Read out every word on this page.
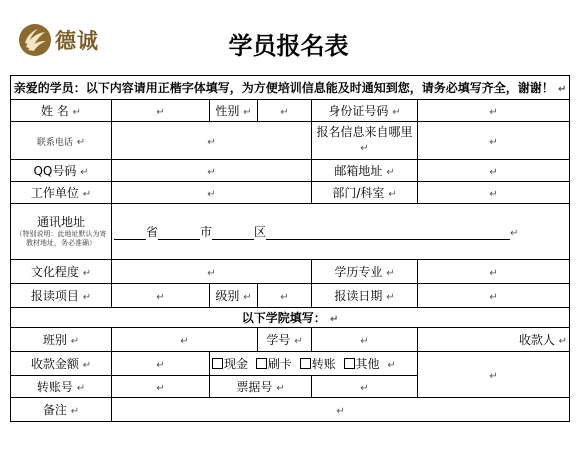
德诚	学员报名表
亲爱的学员：以下内容请用正楷字体填写，为方便培训信息能及时通知到您，请务必填写齐全，谢谢！ ↵					
姓 名 ↵	↵	性别 ↵	↵	身份证号码 ↵	↵
联系电话 ↵	↵			报名信息来自哪里 ↵	↵
QQ号码 ↵	↵			邮箱地址 ↵	↵
工作单位 ↵	↵			部门/科室 ↵	↵

通讯地址
（特别说明：此地址默认为寄教材地址，务必准确）	省 市 区 ↵				
文化程度 ↵	↵			学历专业 ↵	↵
报读项目 ↵	↵	级别 ↵	↵	报读日期 ↵	↵
以下学院填写： ↵					
班别 ↵	↵		学号 ↵	↵	收款人 ↵
收款金额 ↵	↵	现金 刷卡 转账 其他 ↵			↵
转账号 ↵	↵	票据号 ↵		↵	
备注 ↵	↵				
